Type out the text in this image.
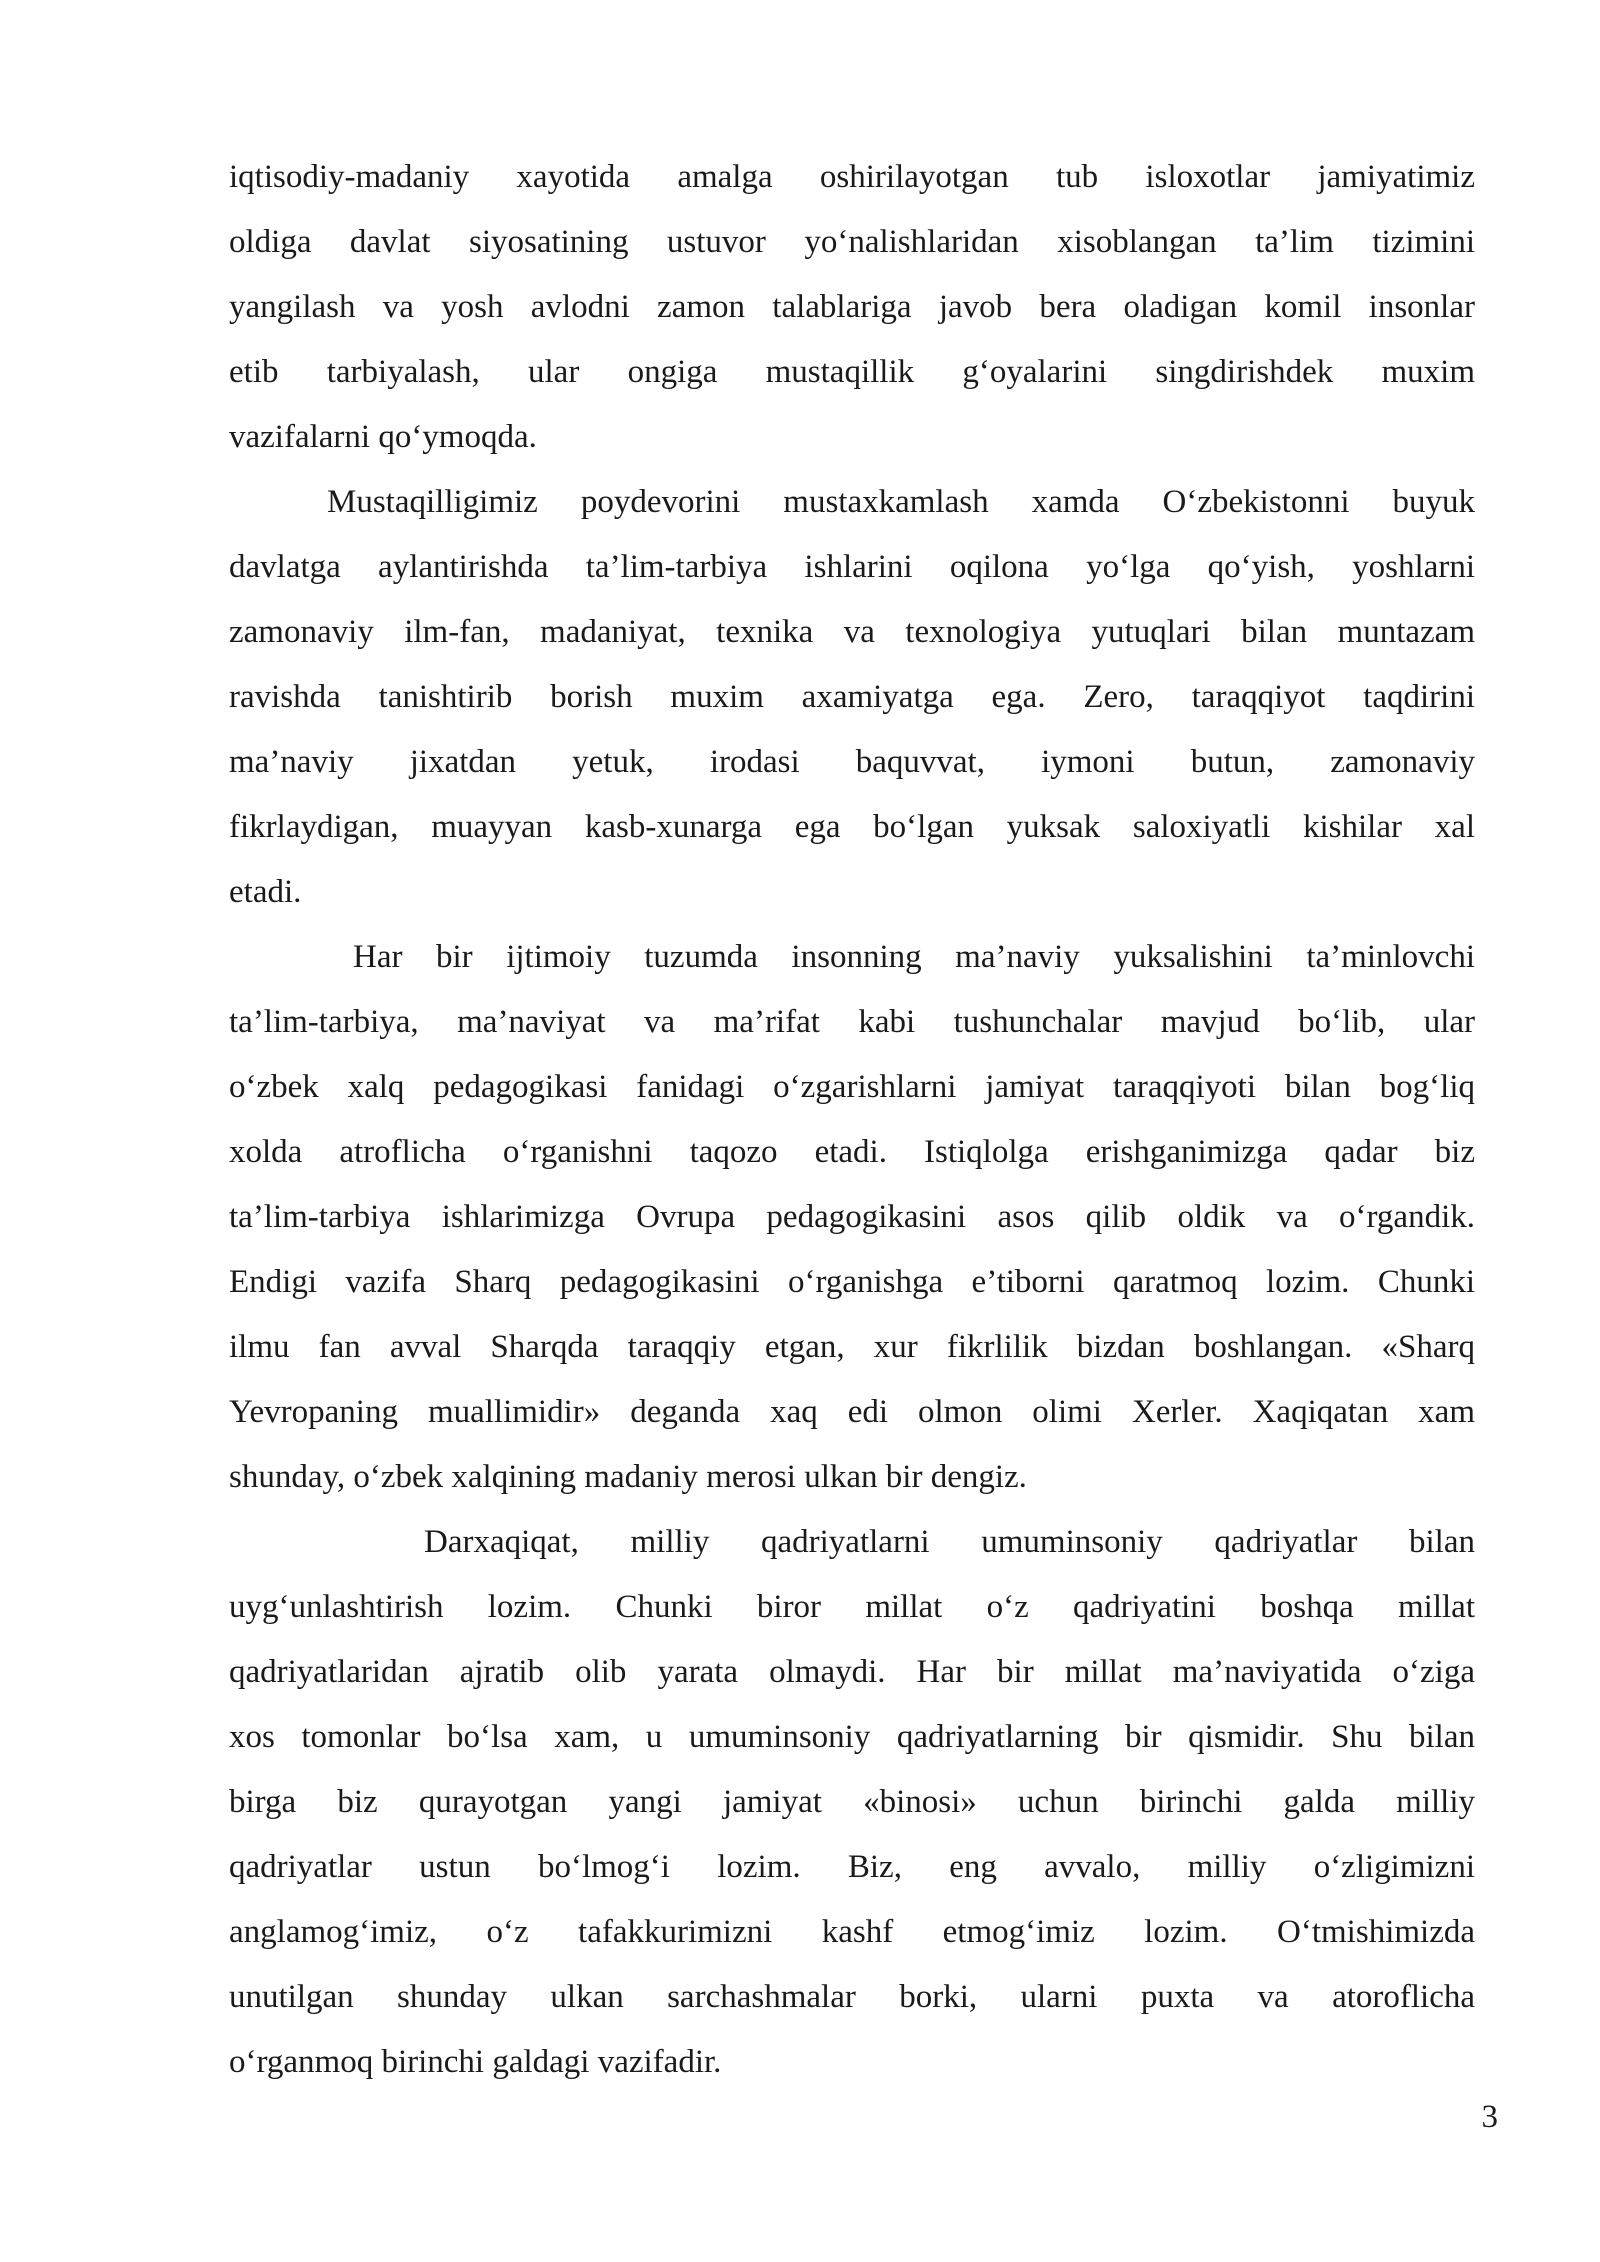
iqtisodiy-madaniy xayotida amalga oshirilayotgan tub isloxotlar jamiyatimiz
oldiga davlat siyosatining ustuvor yo‘nalishlaridan xisoblangan ta’lim tizimini
yangilash va yosh avlodni zamon talablariga javob bera oladigan komil insonlar
etib tarbiyalash, ular ongiga mustaqillik g‘oyalarini singdirishdek muxim
vazifalarni qo‘ymoqda.
Mustaqilligimiz poydevorini mustaxkamlash xamda O‘zbekistonni buyuk
davlatga aylantirishda ta’lim-tarbiya ishlarini oqilona yo‘lga qo‘yish, yoshlarni
zamonaviy ilm-fan, madaniyat, texnika va texnologiya yutuqlari bilan muntazam
ravishda tanishtirib borish muxim axamiyatga ega. Zero, taraqqiyot taqdirini
ma’naviy jixatdan yetuk, irodasi baquvvat, iymoni butun, zamonaviy
fikrlaydigan, muayyan kasb-xunarga ega bo‘lgan yuksak saloxiyatli kishilar xal
etadi.
Har bir ijtimoiy tuzumda insonning ma’naviy yuksalishini ta’minlovchi
ta’lim-tarbiya, ma’naviyat va ma’rifat kabi tushunchalar mavjud bo‘lib, ular
o‘zbek xalq pedagogikasi fanidagi o‘zgarishlarni jamiyat taraqqiyoti bilan bog‘liq
xolda atroflicha o‘rganishni taqozo etadi. Istiqlolga erishganimizga qadar biz
ta’lim-tarbiya ishlarimizga Ovrupa pedagogikasini asos qilib oldik va o‘rgandik.
Endigi vazifa Sharq pedagogikasini o‘rganishga e’tiborni qaratmoq lozim. Chunki
ilmu fan avval Sharqda taraqqiy etgan, xur fikrlilik bizdan boshlangan. «Sharq
Yevropaning muallimidir» deganda xaq edi olmon olimi Xerler. Xaqiqatan xam
shunday, o‘zbek xalqining madaniy merosi ulkan bir dengiz.
Darxaqiqat, milliy qadriyatlarni umuminsoniy qadriyatlar bilan
uyg‘unlashtirish lozim. Chunki biror millat o‘z qadriyatini boshqa millat
qadriyatlaridan ajratib olib yarata olmaydi. Har bir millat ma’naviyatida o‘ziga
xos tomonlar bo‘lsa xam, u umuminsoniy qadriyatlarning bir qismidir. Shu bilan
birga biz qurayotgan yangi jamiyat «binosi» uchun birinchi galda milliy
qadriyatlar ustun bo‘lmog‘i lozim. Biz, eng avvalo, milliy o‘zligimizni
anglamog‘imiz, o‘z tafakkurimizni kashf etmog‘imiz lozim. O‘tmishimizda
unutilgan shunday ulkan sarchashmalar borki, ularni puxta va atoroflicha
o‘rganmoq birinchi galdagi vazifadir.
3
